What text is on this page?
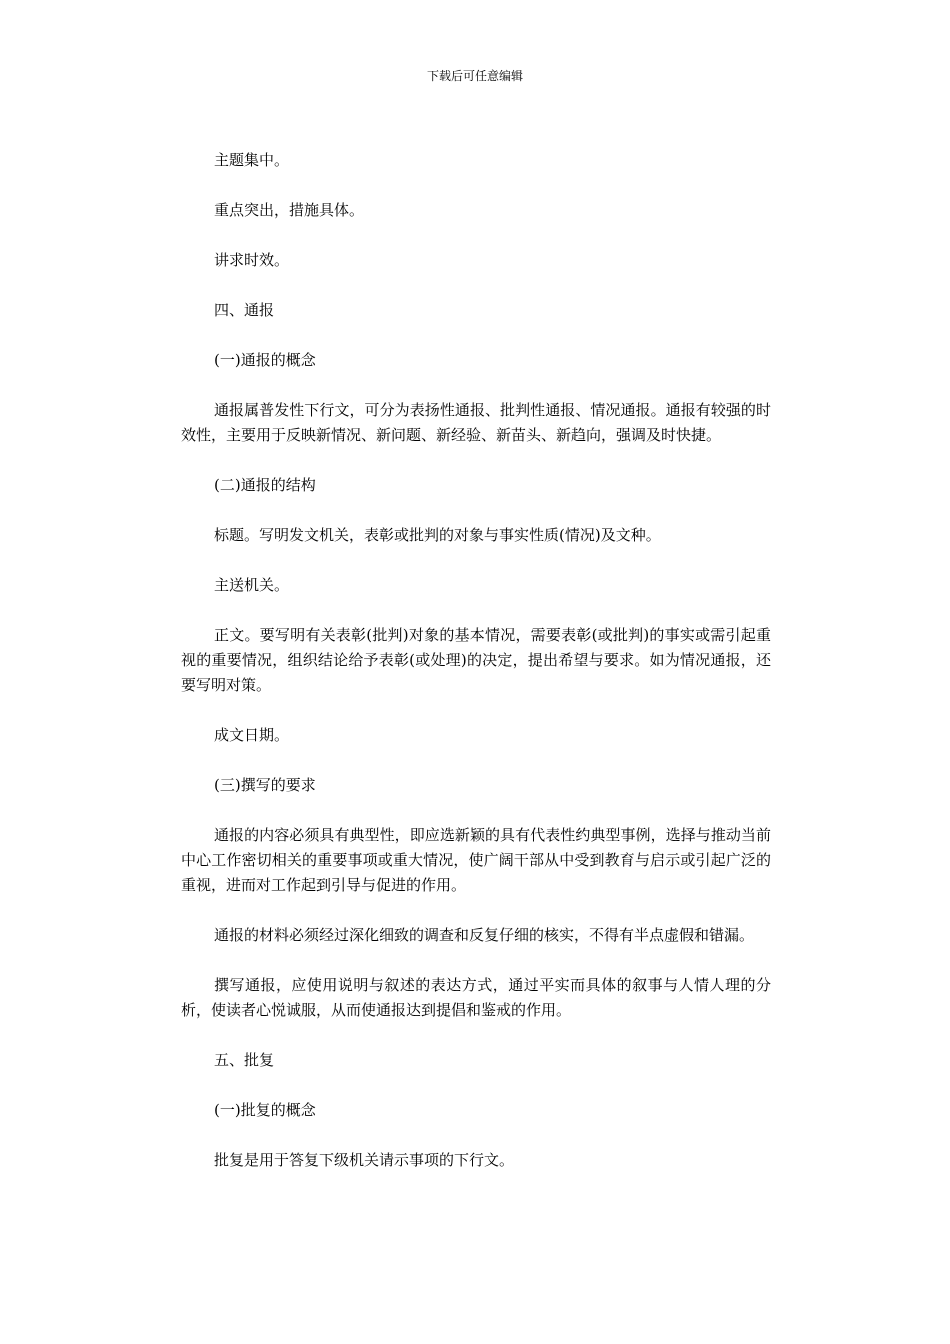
下载后可任意编辑

主题集中。

重点突出，措施具体。

讲求时效。

四、通报

(一)通报的概念

通报属普发性下行文，可分为表扬性通报、批判性通报、情况通报。通报有较强的时效性，主要用于反映新情况、新问题、新经验、新苗头、新趋向，强调及时快捷。

(二)通报的结构

标题。写明发文机关，表彰或批判的对象与事实性质(情况)及文种。

主送机关。

正文。要写明有关表彰(批判)对象的基本情况，需要表彰(或批判)的事实或需引起重视的重要情况，组织结论给予表彰(或处理)的决定，提出希望与要求。如为情况通报，还要写明对策。

成文日期。

(三)撰写的要求

通报的内容必须具有典型性，即应选新颖的具有代表性约典型事例，选择与推动当前中心工作密切相关的重要事项或重大情况，使广阔干部从中受到教育与启示或引起广泛的重视，进而对工作起到引导与促进的作用。

通报的材料必须经过深化细致的调查和反复仔细的核实，不得有半点虚假和错漏。

撰写通报，应使用说明与叙述的表达方式，通过平实而具体的叙事与人情人理的分析，使读者心悦诚服，从而使通报达到提倡和鉴戒的作用。

五、批复

(一)批复的概念

批复是用于答复下级机关请示事项的下行文。
